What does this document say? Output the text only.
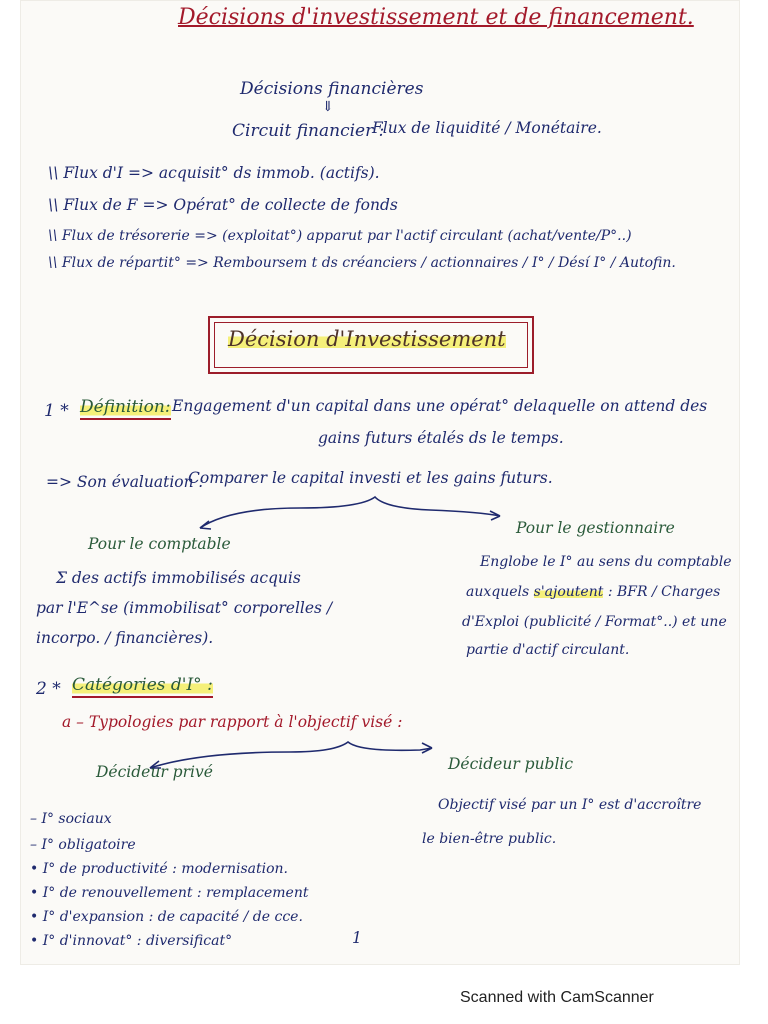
Décisions d'investissement et de financement.
Décisions financières
⇓
Circuit financier :
Flux de liquidité / Monétaire.
\\ Flux d'I => acquisit° ds immob. (actifs).
\\ Flux de F => Opérat° de collecte de fonds
\\ Flux de trésorerie => (exploitat°) apparut par l'actif circulant (achat/vente/P°..)
\\ Flux de répartit° => Remboursem t ds créanciers / actionnaires / I° / Désí I° / Autofin.
Décision d'Investissement
1 * Définition: Engagement d'un capital dans une opérat° delaquelle on attend des
gains futurs étalés ds le temps.
=> Son évaluation :
Comparer le capital investi et les gains futurs.
Pour le comptable
Σ des actifs immobilisés acquis
par l'E^se (immobilisat° corporelles /
incorpo. / financières).
Pour le gestionnaire
Englobe le I° au sens du comptable
auxquels s'ajoutent : BFR / Charges
d'Exploi (publicité / Format°..) et une
partie d'actif circulant.
2 * Catégories d'I° :
a – Typologies par rapport à l'objectif visé :
Décideur privé
– I° sociaux
– I° obligatoire
• I° de productivité : modernisation.
• I° de renouvellement : remplacement
• I° d'expansion : de capacité / de cce.
• I° d'innovat° : diversificat°
Décideur public
Objectif visé par un I° est d'accroître
le bien-être public.
1
Scanned with CamScanner
